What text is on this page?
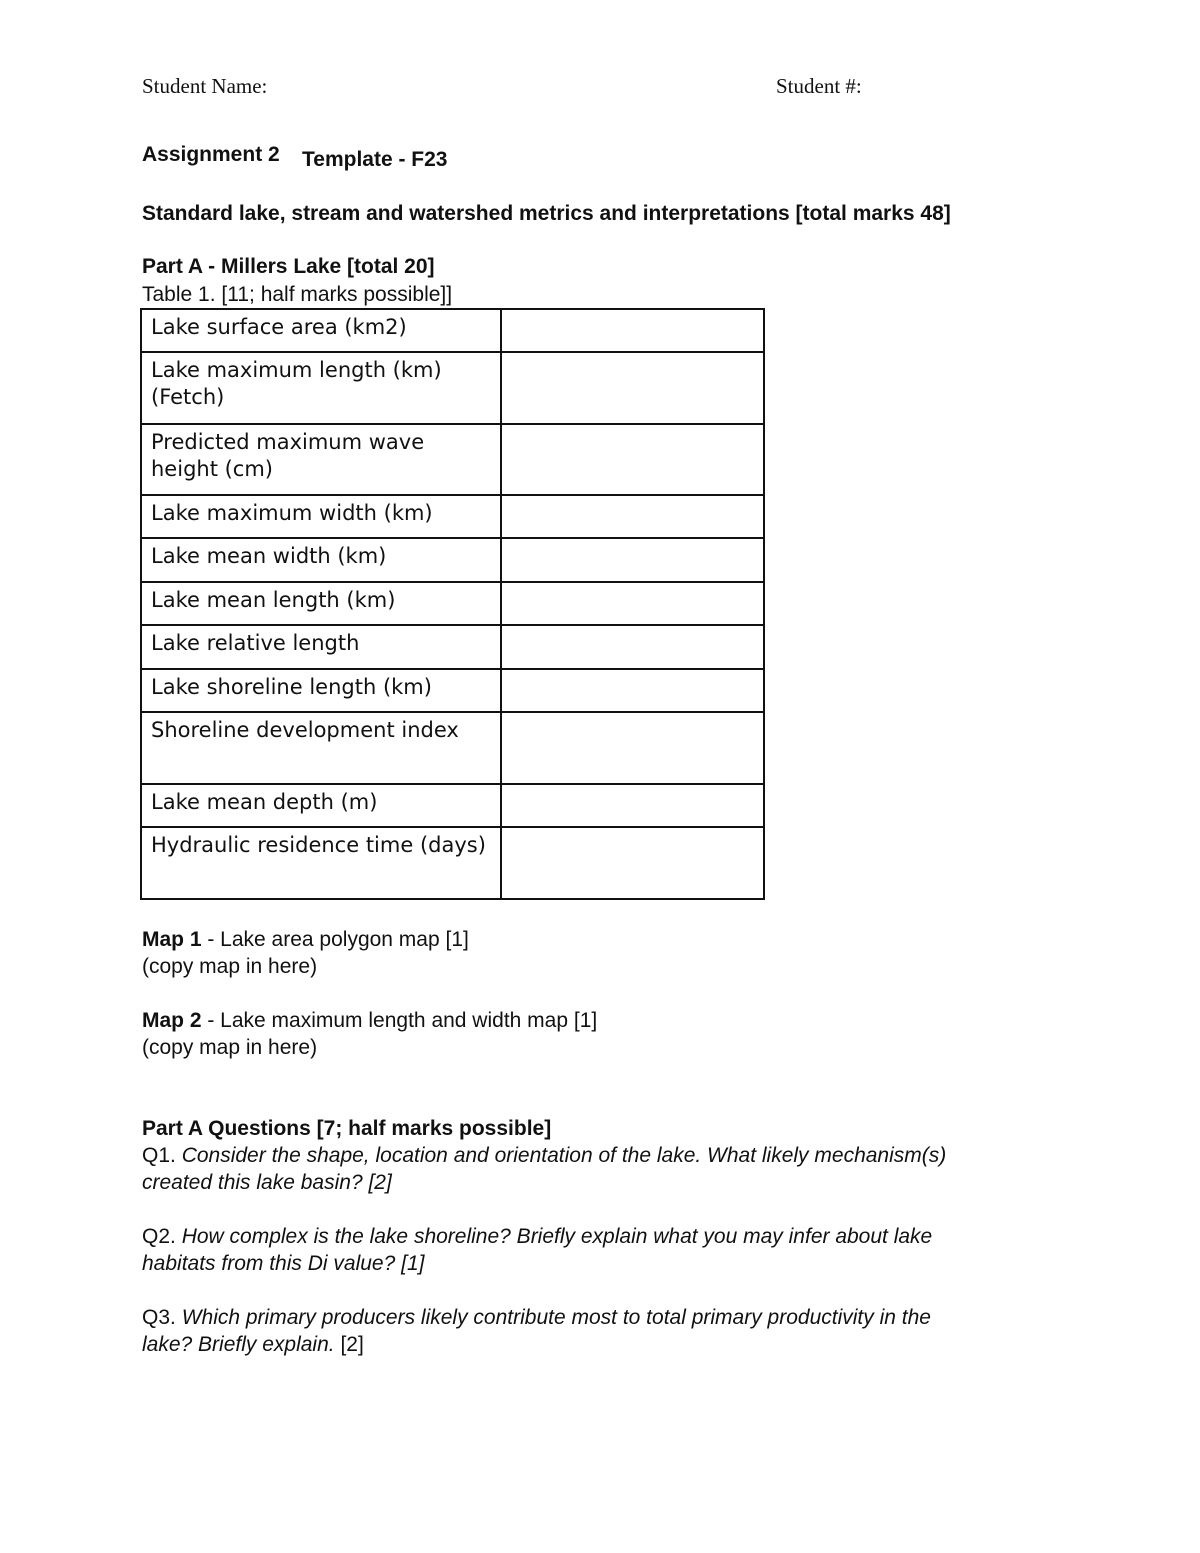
Student Name:	Student #:
Assignment 2 Template - F23
Standard lake, stream and watershed metrics and interpretations [total marks 48]
Part A - Millers Lake [total 20]
Table 1. [11; half marks possible]]
Lake surface area (km2)	
Lake maximum length (km) (Fetch)	
Predicted maximum wave height (cm)	
Lake maximum width (km)	
Lake mean width (km)	
Lake mean length (km)	
Lake relative length	
Lake shoreline length (km)	
Shoreline development index	
Lake mean depth (m)	
Hydraulic residence time (days)	
Map 1 - Lake area polygon map [1]
(copy map in here)
Map 2 - Lake maximum length and width map [1]
(copy map in here)
Part A Questions [7; half marks possible]
Q1. Consider the shape, location and orientation of the lake. What likely mechanism(s)
created this lake basin? [2]
Q2. How complex is the lake shoreline? Briefly explain what you may infer about lake
habitats from this Di value? [1]
Q3. Which primary producers likely contribute most to total primary productivity in the
lake? Briefly explain. [2]
